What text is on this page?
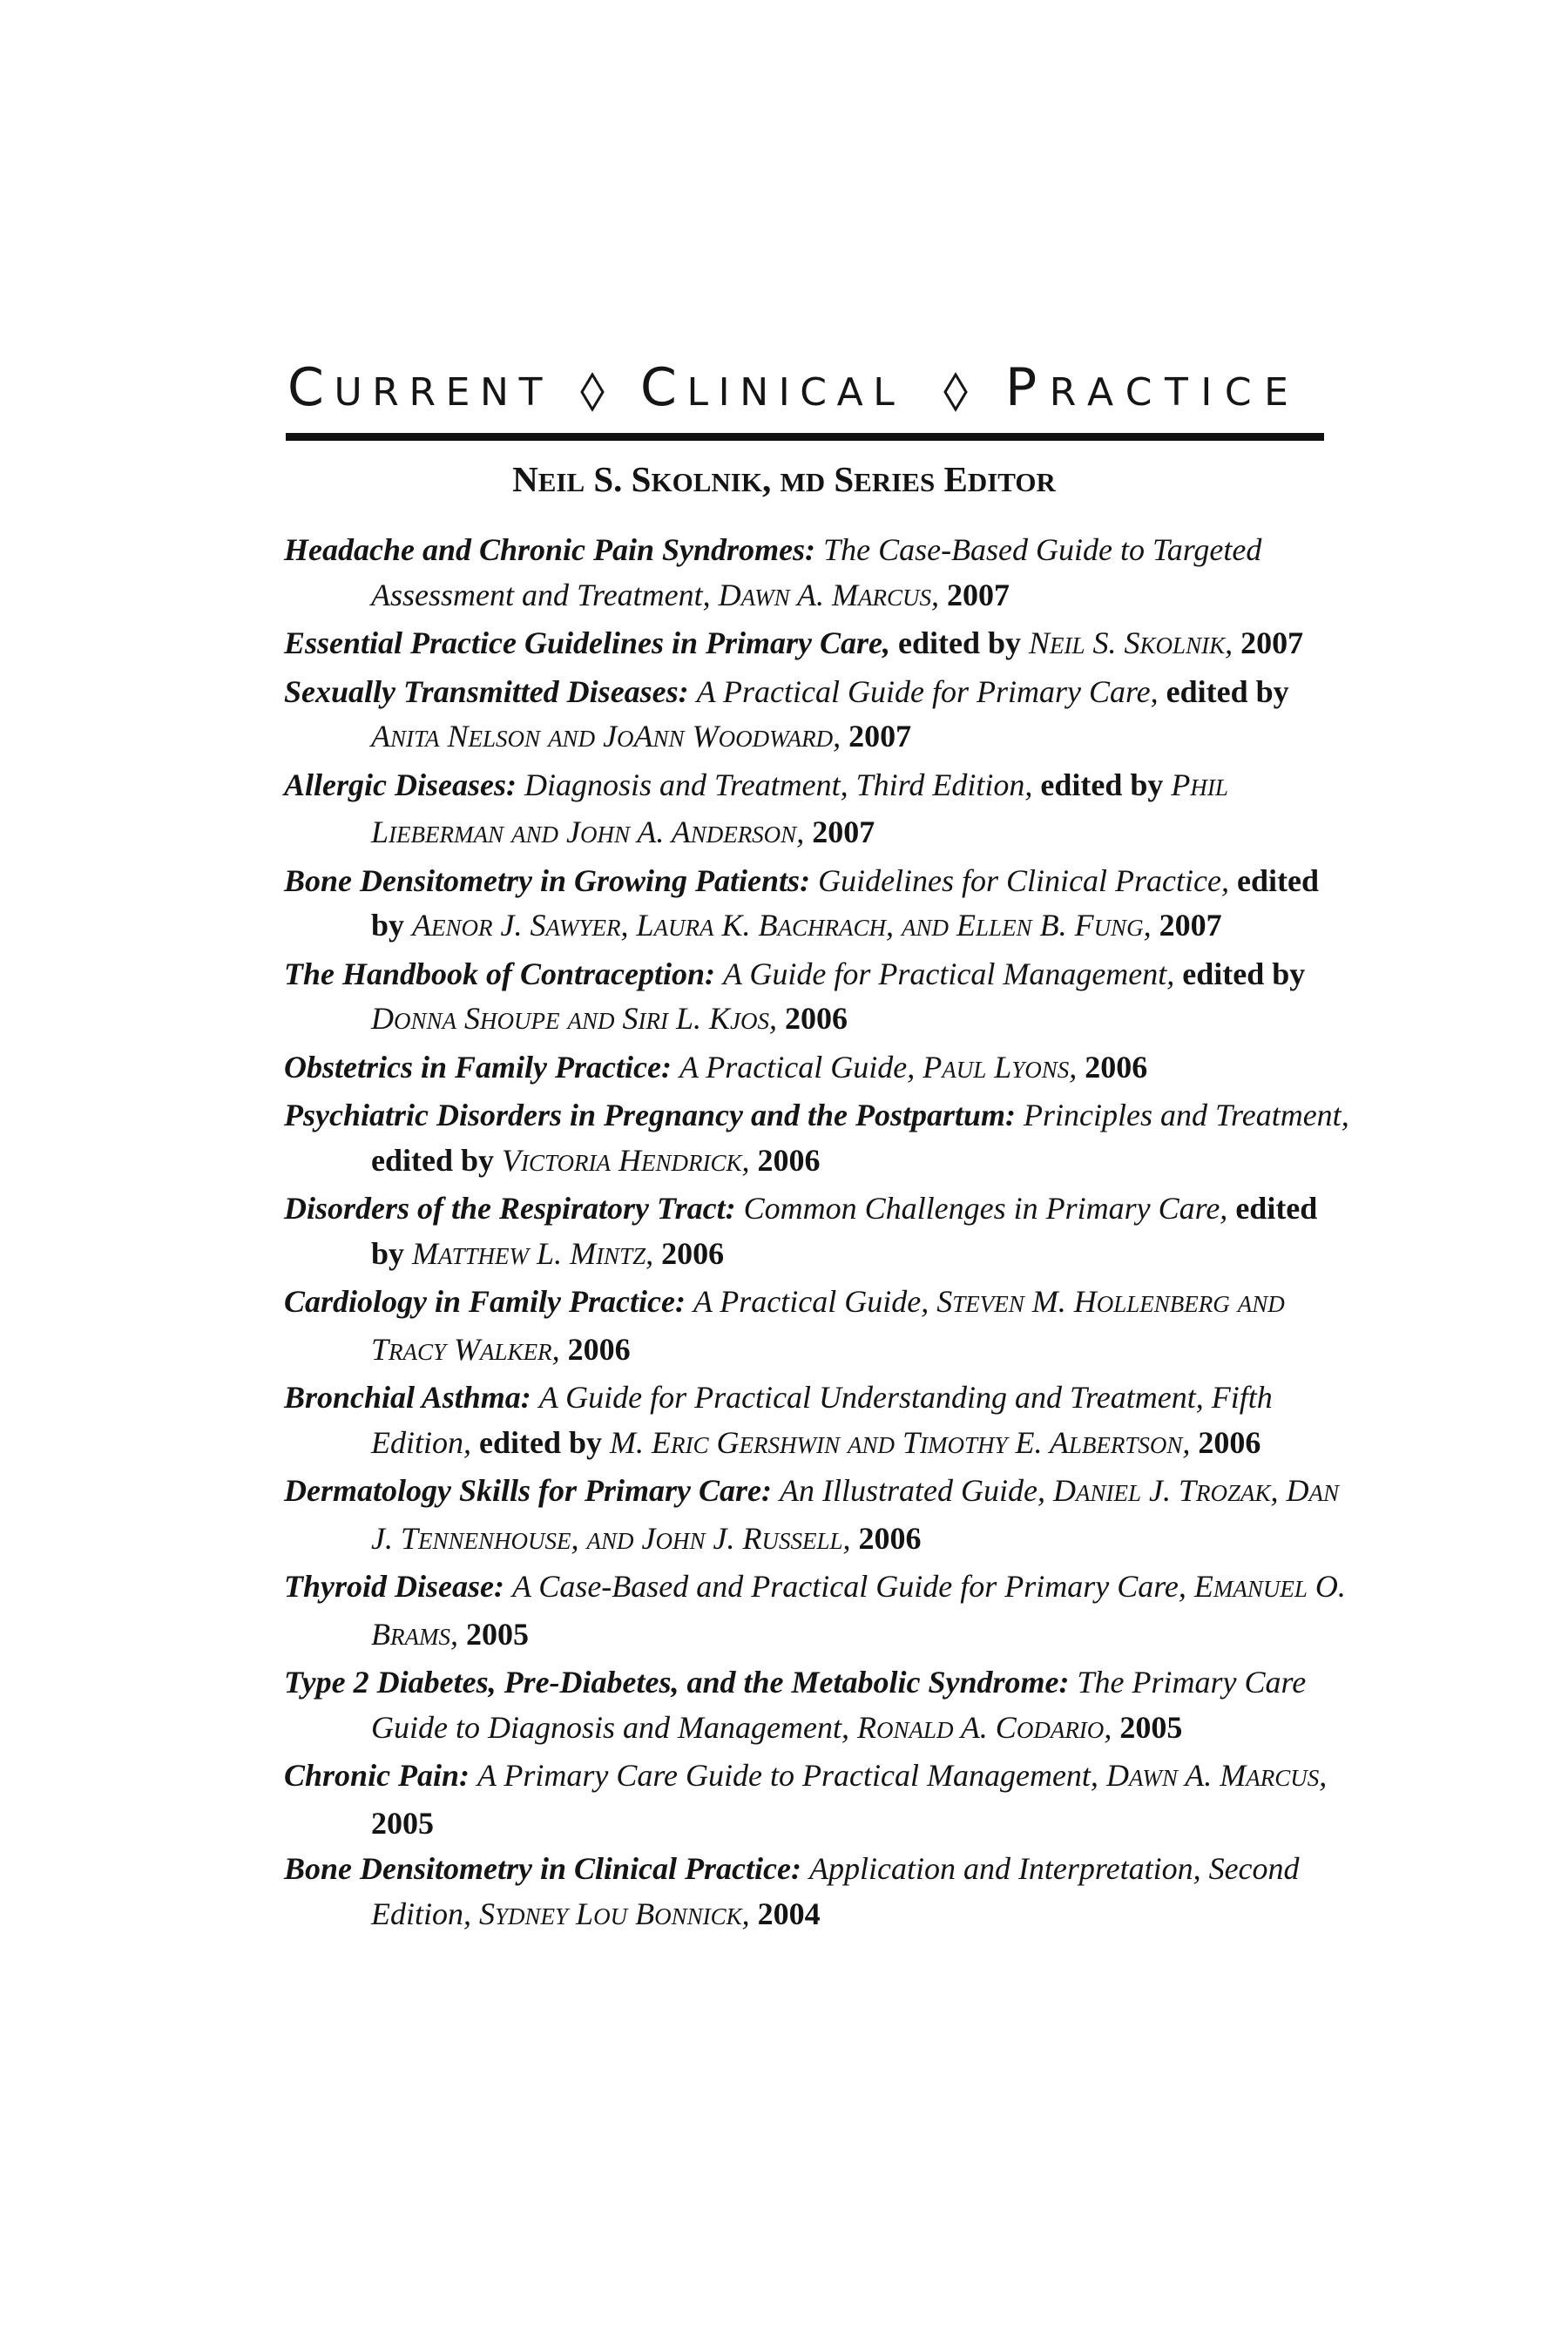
CURRENT CLINICAL PRACTICE
NEIL S. SKOLNIK, MD SERIES EDITOR

Headache and Chronic Pain Syndromes: The Case-Based Guide to Targeted Assessment and Treatment, DAWN A. MARCUS, 2007

Essential Practice Guidelines in Primary Care, edited by NEIL S. SKOLNIK, 2007

Sexually Transmitted Diseases: A Practical Guide for Primary Care, edited by ANITA NELSON AND JOANN WOODWARD, 2007

Allergic Diseases: Diagnosis and Treatment, Third Edition, edited by PHIL LIEBERMAN AND JOHN A. ANDERSON, 2007

Bone Densitometry in Growing Patients: Guidelines for Clinical Practice, edited by AENOR J. SAWYER, LAURA K. BACHRACH, AND ELLEN B. FUNG, 2007

The Handbook of Contraception: A Guide for Practical Management, edited by DONNA SHOUPE AND SIRI L. KJOS, 2006

Obstetrics in Family Practice: A Practical Guide, PAUL LYONS, 2006

Psychiatric Disorders in Pregnancy and the Postpartum: Principles and Treatment, edited by VICTORIA HENDRICK, 2006

Disorders of the Respiratory Tract: Common Challenges in Primary Care, edited by MATTHEW L. MINTZ, 2006

Cardiology in Family Practice: A Practical Guide, STEVEN M. HOLLENBERG AND TRACY WALKER, 2006

Bronchial Asthma: A Guide for Practical Understanding and Treatment, Fifth Edition, edited by M. ERIC GERSHWIN AND TIMOTHY E. ALBERTSON, 2006

Dermatology Skills for Primary Care: An Illustrated Guide, DANIEL J. TROZAK, DAN J. TENNENHOUSE, AND JOHN J. RUSSELL, 2006

Thyroid Disease: A Case-Based and Practical Guide for Primary Care, EMANUEL O. BRAMS, 2005

Type 2 Diabetes, Pre-Diabetes, and the Metabolic Syndrome: The Primary Care Guide to Diagnosis and Management, RONALD A. CODARIO, 2005

Chronic Pain: A Primary Care Guide to Practical Management, DAWN A. MARCUS, 2005

Bone Densitometry in Clinical Practice: Application and Interpretation, Second Edition, SYDNEY LOU BONNICK, 2004
